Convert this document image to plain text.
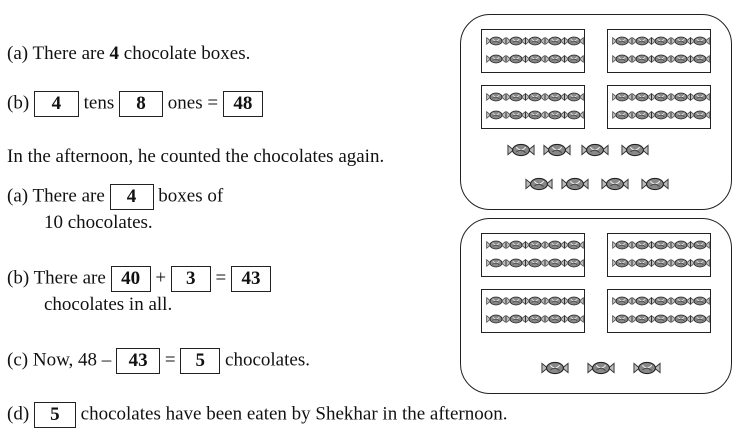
(a) There are 4 chocolate boxes.
(b) 4 tens 8 ones = 48
In the afternoon, he counted the chocolates again.
(a) There are 4 boxes of
10 chocolates.
(b) There are 40 + 3 = 43
chocolates in all.
(c) Now, 48 – 43 = 5 chocolates.
(d) 5 chocolates have been eaten by Shekhar in the afternoon.
